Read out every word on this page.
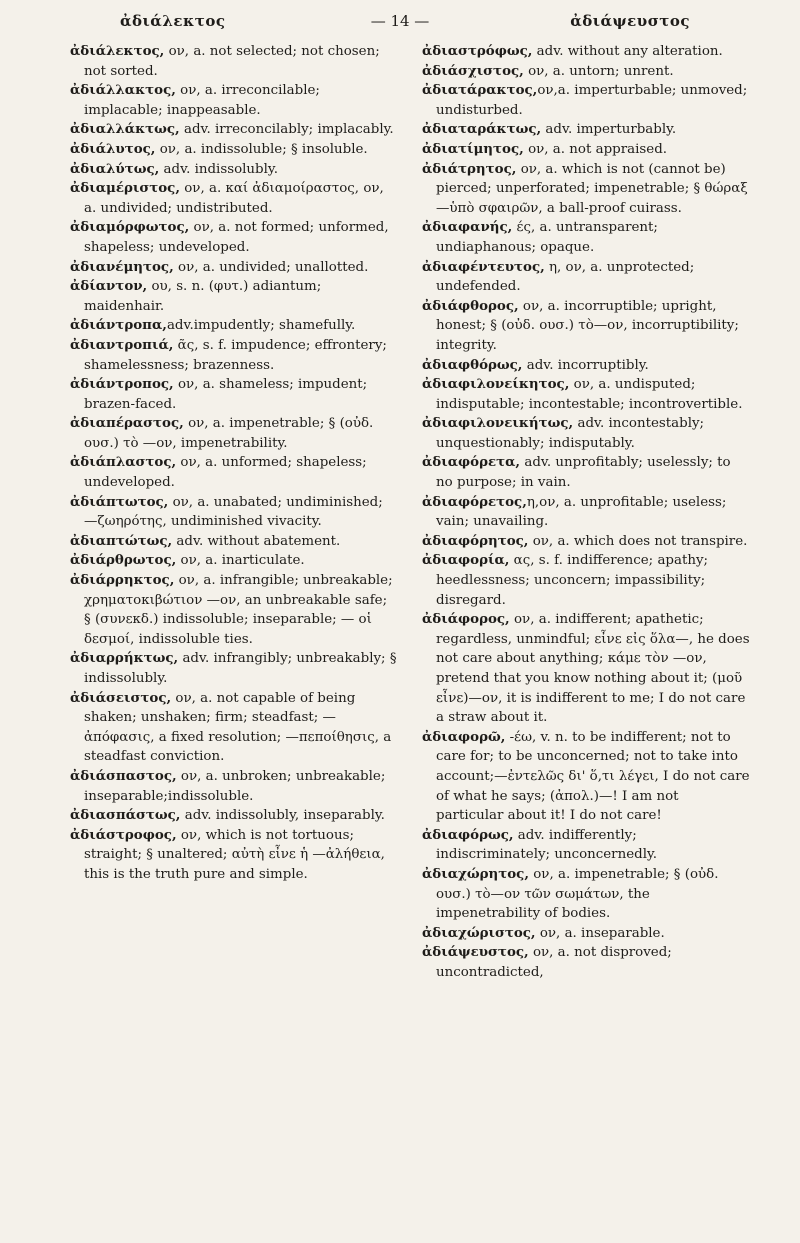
ἀδιάλεκτος	— 14 —	ἀδιάψευστος

ἀδιάλεκτος, ον, a. not selected; not chosen; not sorted.

ἀδιάλλακτος, ον, a. irreconcilable; implacable; inappeasable.

ἀδιαλλάκτως, adv. irreconcilably; implacably.

ἀδιάλυτος, ον, a. indissoluble; § insoluble.

ἀδιαλύτως, adv. indissolubly.

ἀδιαμέριστος, ον, a. καί ἀδιαμοίραστος, ον, a. undivided; undistributed.

ἀδιαμόρφωτος, ον, a. not formed; unformed, shapeless; undeveloped.

ἀδιανέμητος, ον, a. undivided; unallotted.

ἀδίαντον, ου, s. n. (φυτ.) adiantum; maidenhair.

ἀδιάντροπα,adv.impudently; shamefully.

ἀδιαντροπιά, ᾶς, s. f. impudence; effrontery; shamelessness; brazenness.

ἀδιάντροπος, ον, a. shameless; impudent; brazen-faced.

ἀδιαπέραστος, ον, a. impenetrable; § (οὐδ. ουσ.) τὸ —ον, impenetrability.

ἀδιάπλαστος, ον, a. unformed; shapeless; undeveloped.

ἀδιάπτωτος, ον, a. unabated; undiminished; —ζωηρότης, undiminished vivacity.

ἀδιαπτώτως, adv. without abatement.

ἀδιάρθρωτος, ον, a. inarticulate.

ἀδιάρρηκτος, ον, a. infrangible; unbreakable; χρηματοκιβώτιον —ον, an unbreakable safe; § (συνεκδ.) indissoluble; inseparable; — οἱ δεσμοί, indissoluble ties.

ἀδιαρρήκτως, adv. infrangibly; unbreakably; § indissolubly.

ἀδιάσειστος, ον, a. not capable of being shaken; unshaken; firm; steadfast; —ἀπόφασις, a fixed resolution; —πεποίθησις, a steadfast conviction.

ἀδιάσπαστος, ον, a. unbroken; unbreakable; inseparable;indissoluble.

ἀδιασπάστως, adv. indissolubly, inseparably.

ἀδιάστροφος, ον, which is not tortuous; straight; § unaltered; αὐτὴ εἶνε ἡ —ἀλήθεια, this is the truth pure and simple.

ἀδιαστρόφως, adv. without any alteration.

ἀδιάσχιστος, ον, a. untorn; unrent.

ἀδιατάρακτος,ον,a. imperturbable; unmoved; undisturbed.

ἀδιαταράκτως, adv. imperturbably.

ἀδιατίμητος, ον, a. not appraised.

ἀδιάτρητος, ον, a. which is not (cannot be) pierced; unperforated; impenetrable; § θώραξ—ὑπὸ σφαιρῶν, a ball-proof cuirass.

ἀδιαφανής, ές, a. untransparent; undiaphanous; opaque.

ἀδιαφέντευτος, η, ον, a. unprotected; undefended.

ἀδιάφθορος, ον, a. incorruptible; upright, honest; § (οὐδ. ουσ.) τὸ—ον, incorruptibility; integrity.

ἀδιαφθόρως, adv. incorruptibly.

ἀδιαφιλονείκητος, ον, a. undisputed; indisputable; incontestable; incontrovertible.

ἀδιαφιλονεικήτως, adv. incontestably; unquestionably; indisputably.

ἀδιαφόρετα, adv. unprofitably; uselessly; to no purpose; in vain.

ἀδιαφόρετος,η,ον, a. unprofitable; useless; vain; unavailing.

ἀδιαφόρητος, ον, a. which does not transpire.

ἀδιαφορία, ας, s. f. indifference; apathy; heedlessness; unconcern; impassibility; disregard.

ἀδιάφορος, ον, a. indifferent; apathetic; regardless, unmindful; εἶνε εἰς ὅλα—, he does not care about anything; κάμε τὸν —ον, pretend that you know nothing about it; (μοῦ εἶνε)—ον, it is indifferent to me; I do not care a straw about it.

ἀδιαφορῶ, -έω, v. n. to be indifferent; not to care for; to be unconcerned; not to take into account;—ἐντελῶς δι' ὅ,τι λέγει, I do not care of what he says; (ἀπολ.)—! I am not particular about it! I do not care!

ἀδιαφόρως, adv. indifferently; indiscriminately; unconcernedly.

ἀδιαχώρητος, ον, a. impenetrable; § (οὐδ. ουσ.) τὸ—ον τῶν σωμάτων, the impenetrability of bodies.

ἀδιαχώριστος, ον, a. inseparable.

ἀδιάψευστος, ον, a. not disproved; uncontradicted,
